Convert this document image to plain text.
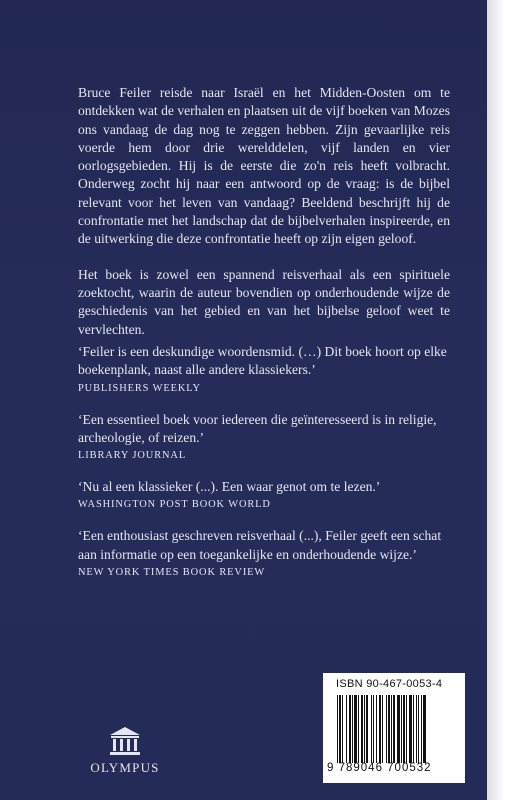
Bruce Feiler reisde naar Israël en het Midden-Oosten om te ontdekken wat de verhalen en plaatsen uit de vijf boeken van Mozes ons vandaag de dag nog te zeggen hebben. Zijn gevaarlijke reis voerde hem door drie werelddelen, vijf landen en vier oorlogsgebieden. Hij is de eerste die zo'n reis heeft volbracht. Onderweg zocht hij naar een antwoord op de vraag: is de bijbel relevant voor het leven van vandaag? Beeldend beschrijft hij de confrontatie met het landschap dat de bijbelverhalen inspireerde, en de uitwerking die deze confrontatie heeft op zijn eigen geloof.

Het boek is zowel een spannend reisverhaal als een spirituele zoektocht, waarin de auteur bovendien op onderhoudende wijze de geschiedenis van het gebied en van het bijbelse geloof weet te vervlechten.

‘Feiler is een deskundige woordensmid. (…) Dit boek hoort op elke boekenplank, naast alle andere klassiekers.’

PUBLISHERS WEEKLY

‘Een essentieel boek voor iedereen die geïnteresseerd is in religie, archeologie, of reizen.’

LIBRARY JOURNAL

‘Nu al een klassieker (...). Een waar genot om te lezen.’

WASHINGTON POST BOOK WORLD

‘Een enthousiast geschreven reisverhaal (...), Feiler geeft een schat aan informatie op een toegankelijke en onderhoudende wijze.’

NEW YORK TIMES BOOK REVIEW

OLYMPUS
ISBN 90-467-0053-4
9 789046 700532
